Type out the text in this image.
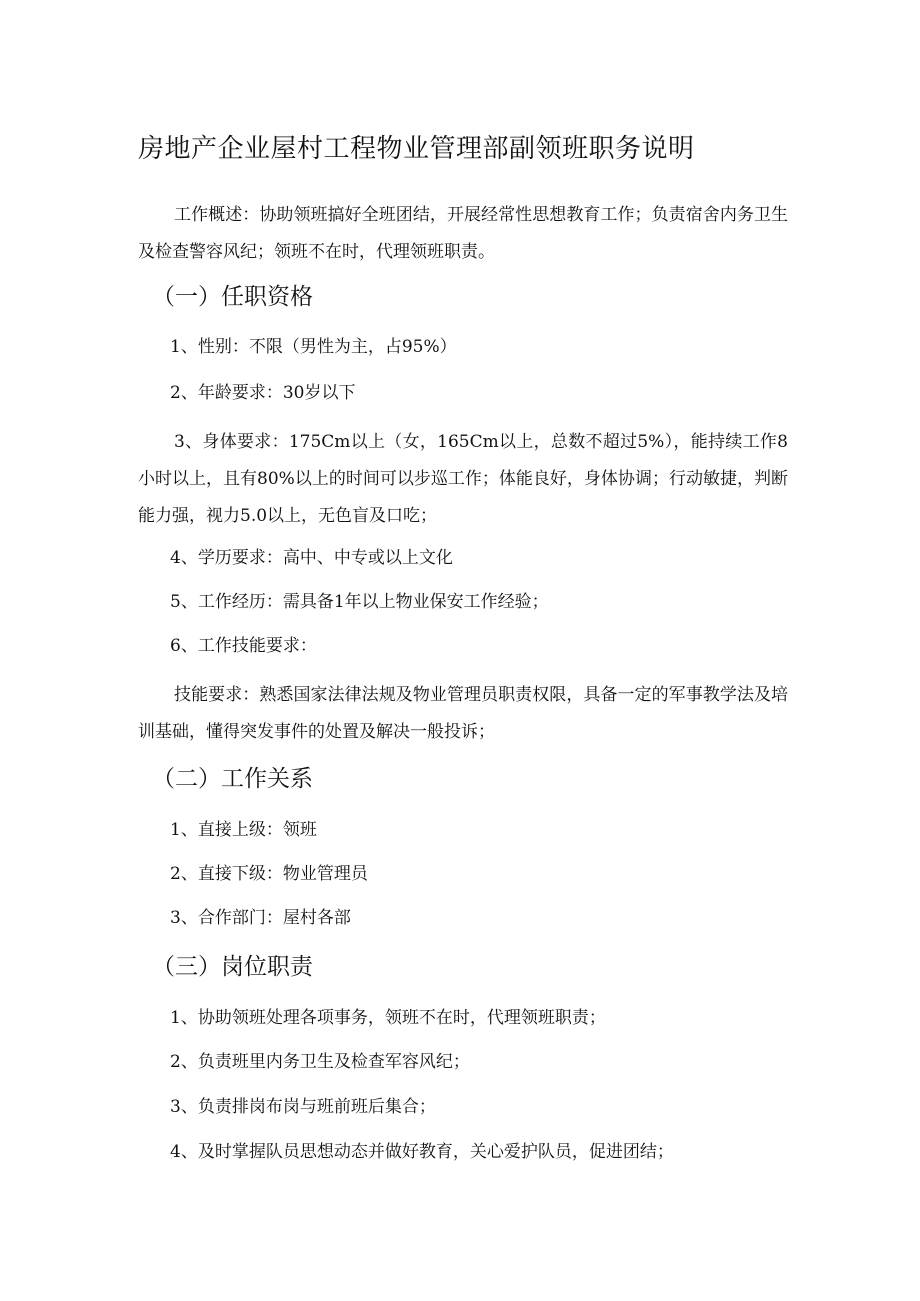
房地产企业屋村工程物业管理部副领班职务说明
工作概述：协助领班搞好全班团结，开展经常性思想教育工作；负责宿舍内务卫生及检查警容风纪；领班不在时，代理领班职责。
（一）任职资格
1、性别：不限（男性为主，占95%）
2、年龄要求：30岁以下
3、身体要求：175Cm以上（女，165Cm以上，总数不超过5%），能持续工作8小时以上，且有80%以上的时间可以步巡工作；体能良好，身体协调；行动敏捷，判断能力强，视力5.0以上，无色盲及口吃；
4、学历要求：高中、中专或以上文化
5、工作经历：需具备1年以上物业保安工作经验；
6、工作技能要求：
技能要求：熟悉国家法律法规及物业管理员职责权限，具备一定的军事教学法及培训基础，懂得突发事件的处置及解决一般投诉；
（二）工作关系
1、直接上级：领班
2、直接下级：物业管理员
3、合作部门：屋村各部
（三）岗位职责
1、协助领班处理各项事务，领班不在时，代理领班职责；
2、负责班里内务卫生及检查军容风纪；
3、负责排岗布岗与班前班后集合；
4、及时掌握队员思想动态并做好教育，关心爱护队员，促进团结；
